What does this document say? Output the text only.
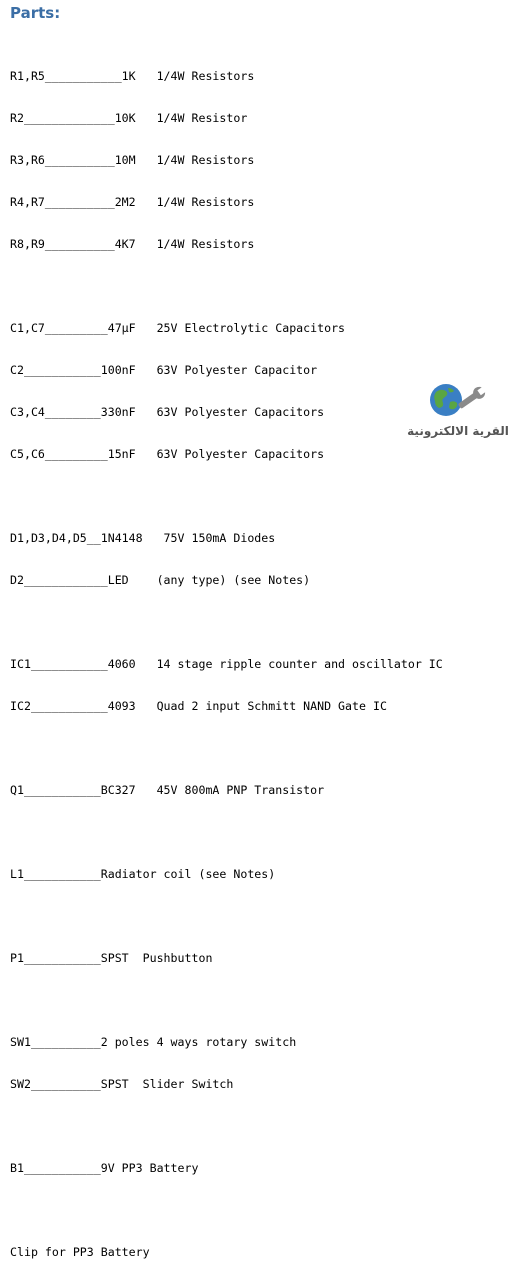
Parts:

R1,R5___________1K   1/4W Resistors

R2_____________10K   1/4W Resistor

R3,R6__________10M   1/4W Resistors

R4,R7__________2M2   1/4W Resistors

R8,R9__________4K7   1/4W Resistors

C1,C7_________47µF   25V Electrolytic Capacitors

C2___________100nF   63V Polyester Capacitor

C3,C4________330nF   63V Polyester Capacitors

C5,C6_________15nF   63V Polyester Capacitors

D1,D3,D4,D5__1N4148   75V 150mA Diodes

D2____________LED    (any type) (see Notes)

IC1___________4060   14 stage ripple counter and oscillator IC

IC2___________4093   Quad 2 input Schmitt NAND Gate IC

Q1___________BC327   45V 800mA PNP Transistor

L1___________Radiator coil (see Notes)

P1___________SPST  Pushbutton

SW1__________2 poles 4 ways rotary switch

SW2__________SPST  Slider Switch

B1___________9V PP3 Battery

Clip for PP3 Battery

القرية الالكترونية
